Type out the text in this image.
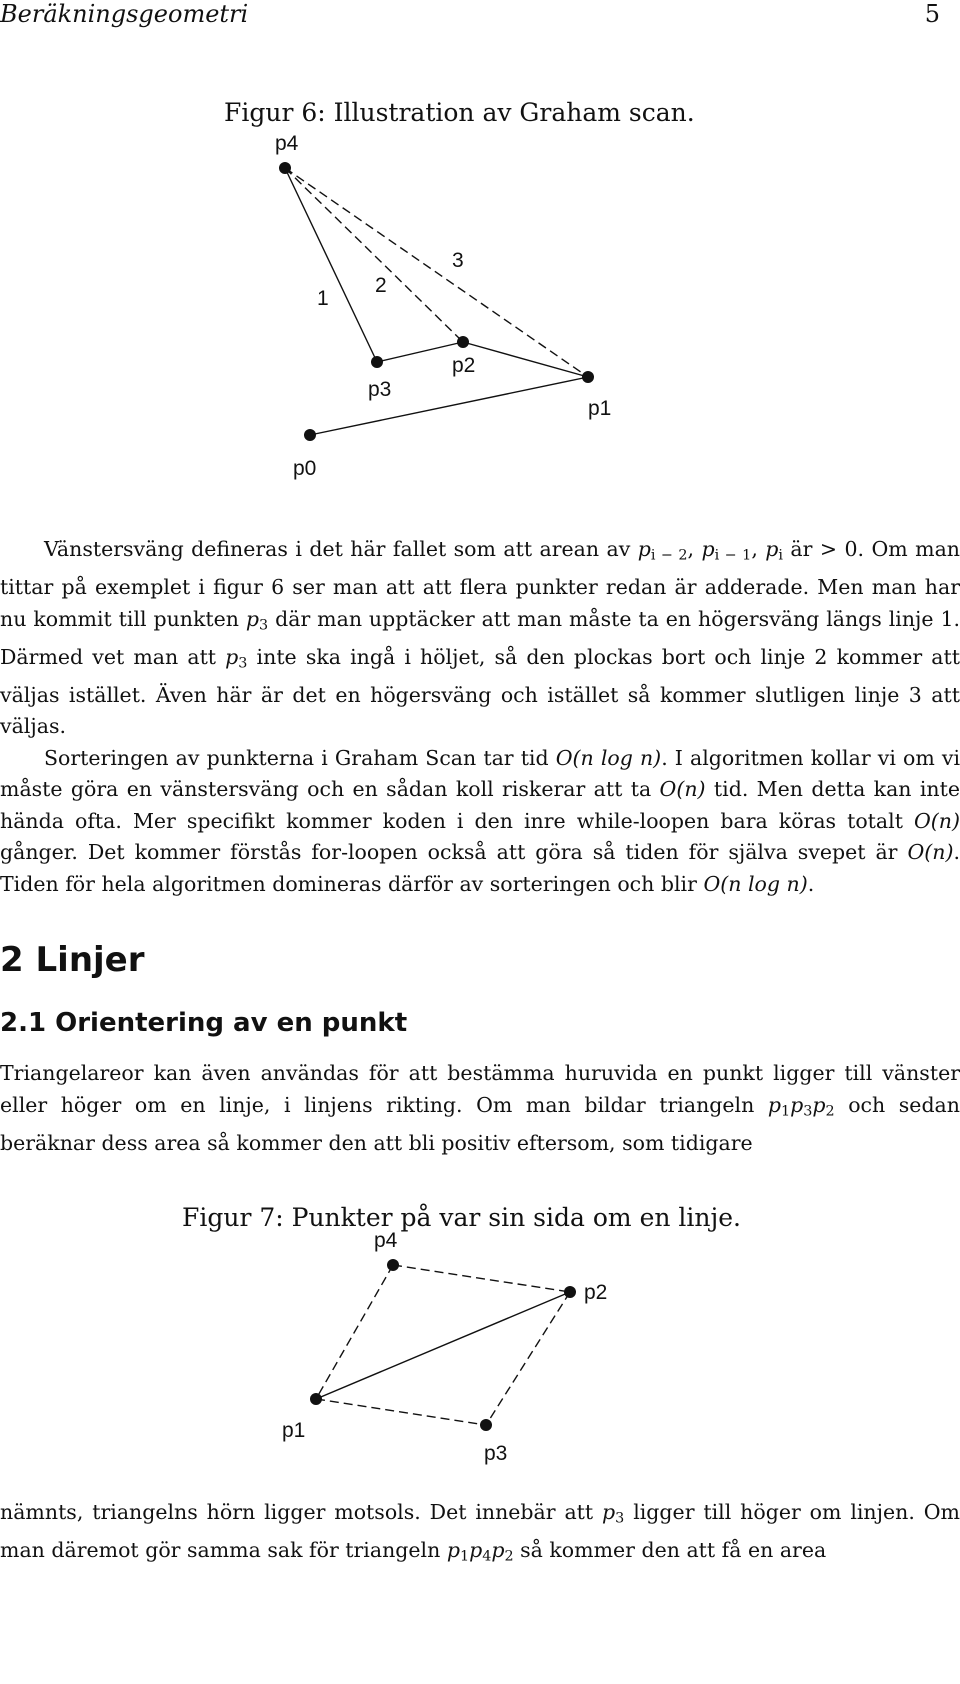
Beräkningsgeometri	5
Figur 6: Illustration av Graham scan.
p4
p3
p2
p1
p0
1
2
3

Vänstersväng defineras i det här fallet som att arean av $p_{i - 2}$, $p_{i - 1}$, $p_i$ är > 0. Om man tittar på exemplet i figur 6 ser man att att flera punkter redan är adderade. Men man har nu kommit till punkten $p_3$ där man upptäcker att man måste ta en högersväng längs linje 1. Därmed vet man att $p_3$ inte ska ingå i höljet, så den plockas bort och linje 2 kommer att väljas istället. Även här är det en högersväng och istället så kommer slutligen linje 3 att väljas.

Sorteringen av punkterna i Graham Scan tar tid O(n log n). I algoritmen kollar vi om vi måste göra en vänstersväng och en sådan koll riskerar att ta O(n) tid. Men detta kan inte hända ofta. Mer specifikt kommer koden i den inre while-loopen bara köras totalt O(n) gånger. Det kommer förstås for-loopen också att göra så tiden för själva svepet är O(n). Tiden för hela algoritmen domineras därför av sorteringen och blir O(n log n).

2 Linjer
2.1 Orientering av en punkt

Triangelareor kan även användas för att bestämma huruvida en punkt ligger till vänster eller höger om en linje, i linjens rikting. Om man bildar triangeln $p_1p_3p_2$ och sedan beräknar dess area så kommer den att bli positiv eftersom, som tidigare

Figur 7: Punkter på var sin sida om en linje.
p4
p2
p1
p3

nämnts, triangelns hörn ligger motsols. Det innebär att $p_3$ ligger till höger om linjen. Om man däremot gör samma sak för triangeln $p_1p_4p_2$ så kommer den att få en area
